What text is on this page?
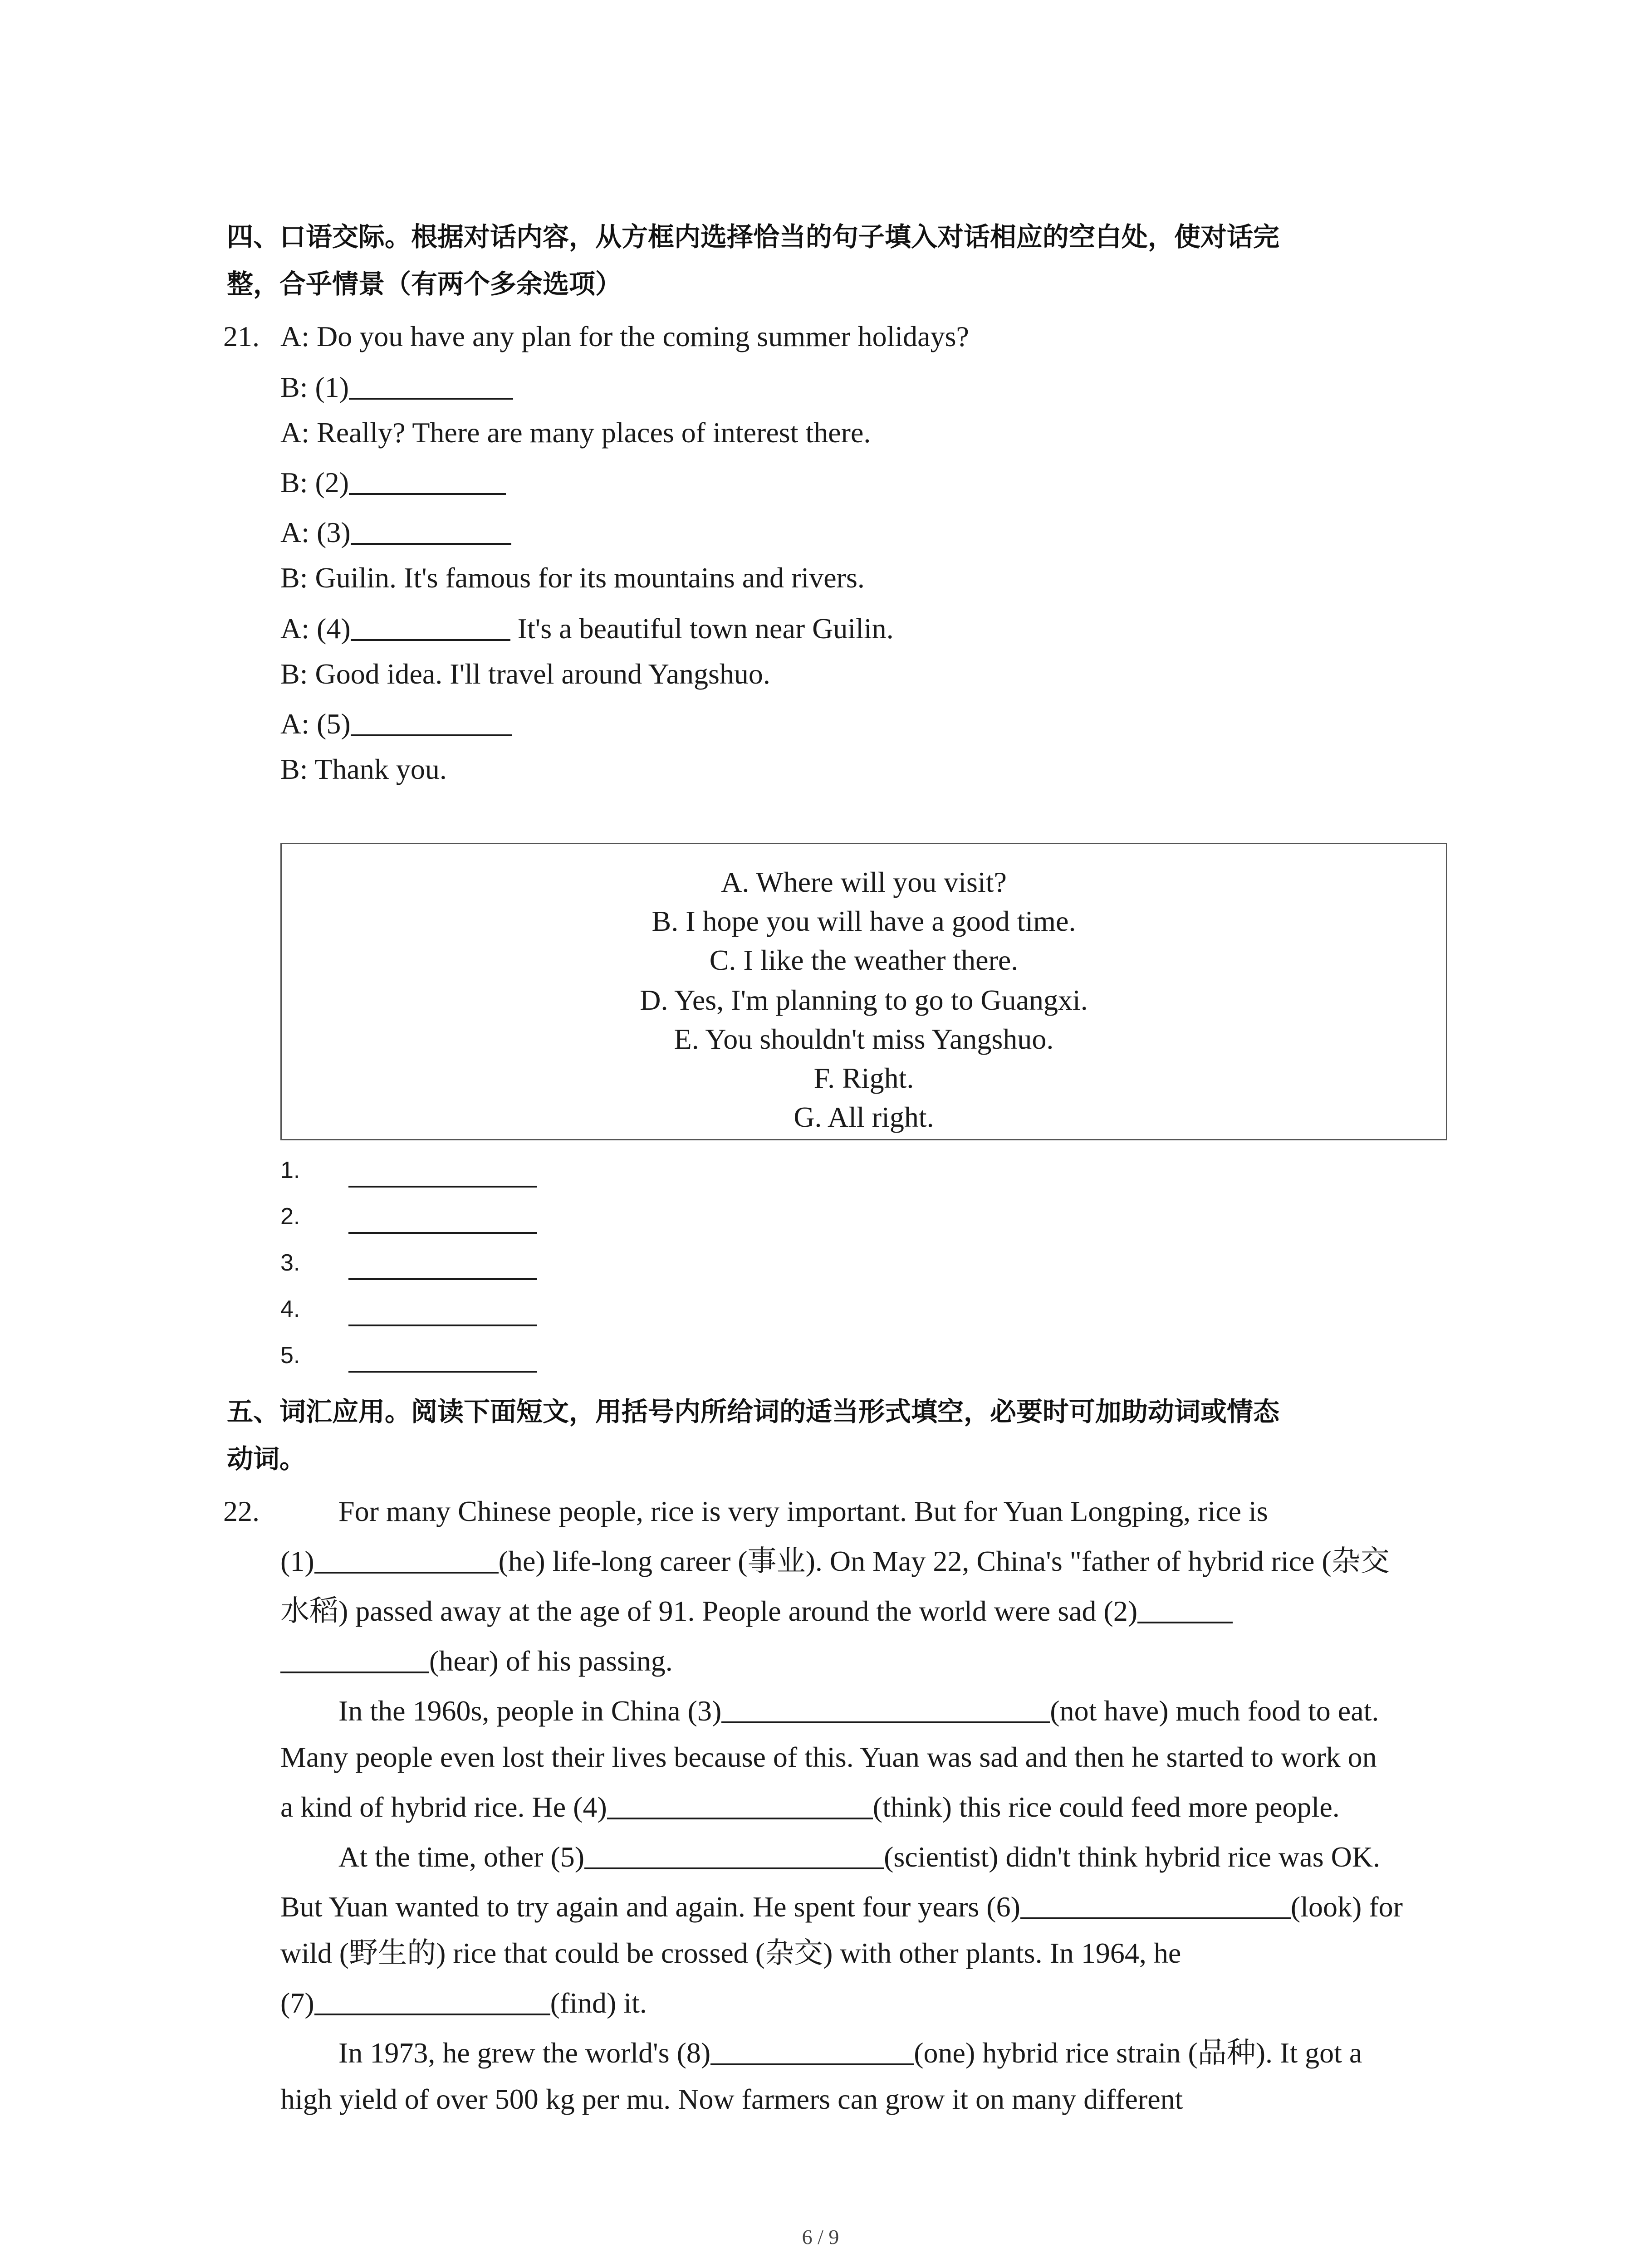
四、口语交际。根据对话内容，从方框内选择恰当的句子填入对话相应的空白处，使对话完
整，合乎情景（有两个多余选项）
21. A: Do you have any plan for the coming summer holidays?
B: (1)
A: Really? There are many places of interest there.
B: (2)
A: (3)
B: Guilin. It's famous for its mountains and rivers.
A: (4)	It's a beautiful town near Guilin.
B: Good idea. I'll travel around Yangshuo.
A: (5)
B: Thank you.
A. Where will you visit?
B. I hope you will have a good time.
C. I like the weather there.
D. Yes, I'm planning to go to Guangxi.
E. You shouldn't miss Yangshuo.
F. Right.
G. All right.
1.
2.
3.
4.
5.
五、词汇应用。阅读下面短文，用括号内所给词的适当形式填空，必要时可加助动词或情态
动词。
22.	For many Chinese people, rice is very important. But for Yuan Longping, rice is
(1)	(he) life-long career (事业). On May 22, China's "father of hybrid rice (杂交
水稻) passed away at the age of 91. People around the world were sad (2)
(hear) of his passing.
In the 1960s, people in China (3)	(not have) much food to eat.
Many people even lost their lives because of this. Yuan was sad and then he started to work on
a kind of hybrid rice. He (4)	(think) this rice could feed more people.
At the time, other (5)	(scientist) didn't think hybrid rice was OK.
But Yuan wanted to try again and again. He spent four years (6)	(look) for
wild (野生的) rice that could be crossed (杂交) with other plants. In 1964, he
(7)	(find) it.
In 1973, he grew the world's (8)	(one) hybrid rice strain (品种). It got a
high yield of over 500 kg per mu. Now farmers can grow it on many different
6 / 9
